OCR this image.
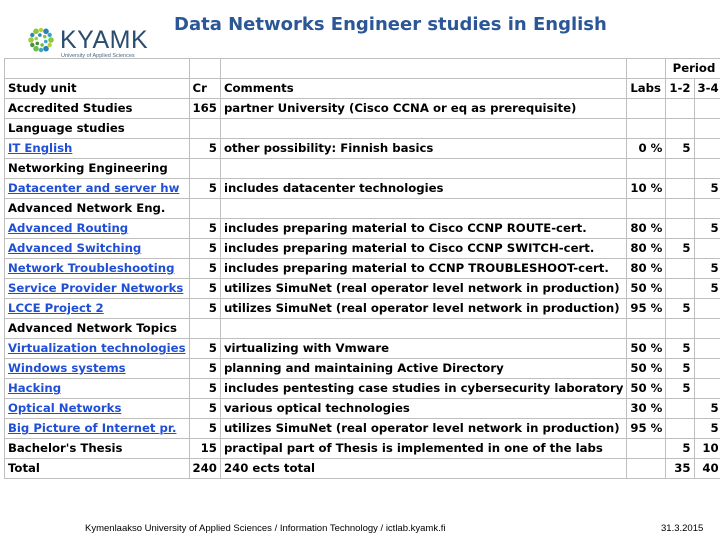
KYAMK
University of Applied Sciences
Data Networks Engineer studies in English
				Period	
Study unit	Cr	Comments	Labs	1-2	3-4
Accredited Studies	165	partner University (Cisco CCNA or eq as prerequisite)			
Language studies					
IT English	5	other possibility: Finnish basics	0 %	5	
Networking Engineering					
Datacenter and server hw	5	includes datacenter technologies	10 %		5
Advanced Network Eng.					
Advanced Routing	5	includes preparing material to Cisco CCNP ROUTE-cert.	80 %		5
Advanced Switching	5	includes preparing material to Cisco CCNP SWITCH-cert.	80 %	5	
Network Troubleshooting	5	includes preparing material to CCNP TROUBLESHOOT-cert.	80 %		5
Service Provider Networks	5	utilizes SimuNet (real operator level network in production)	50 %		5
LCCE Project 2	5	utilizes SimuNet (real operator level network in production)	95 %	5	
Advanced Network Topics					
Virtualization technologies	5	virtualizing with Vmware	50 %	5	
Windows systems	5	planning and maintaining Active Directory	50 %	5	
Hacking	5	includes pentesting case studies in cybersecurity laboratory	50 %	5	
Optical Networks	5	various optical technologies	30 %		5
Big Picture of Internet pr.	5	utilizes SimuNet (real operator level network in production)	95 %		5
Bachelor's Thesis	15	practipal part of Thesis is implemented in one of the labs		5	10
Total	240	240 ects total		35	40
Kymenlaakso University of Applied Sciences / Information Technology / ictlab.kyamk.fi	31.3.2015
